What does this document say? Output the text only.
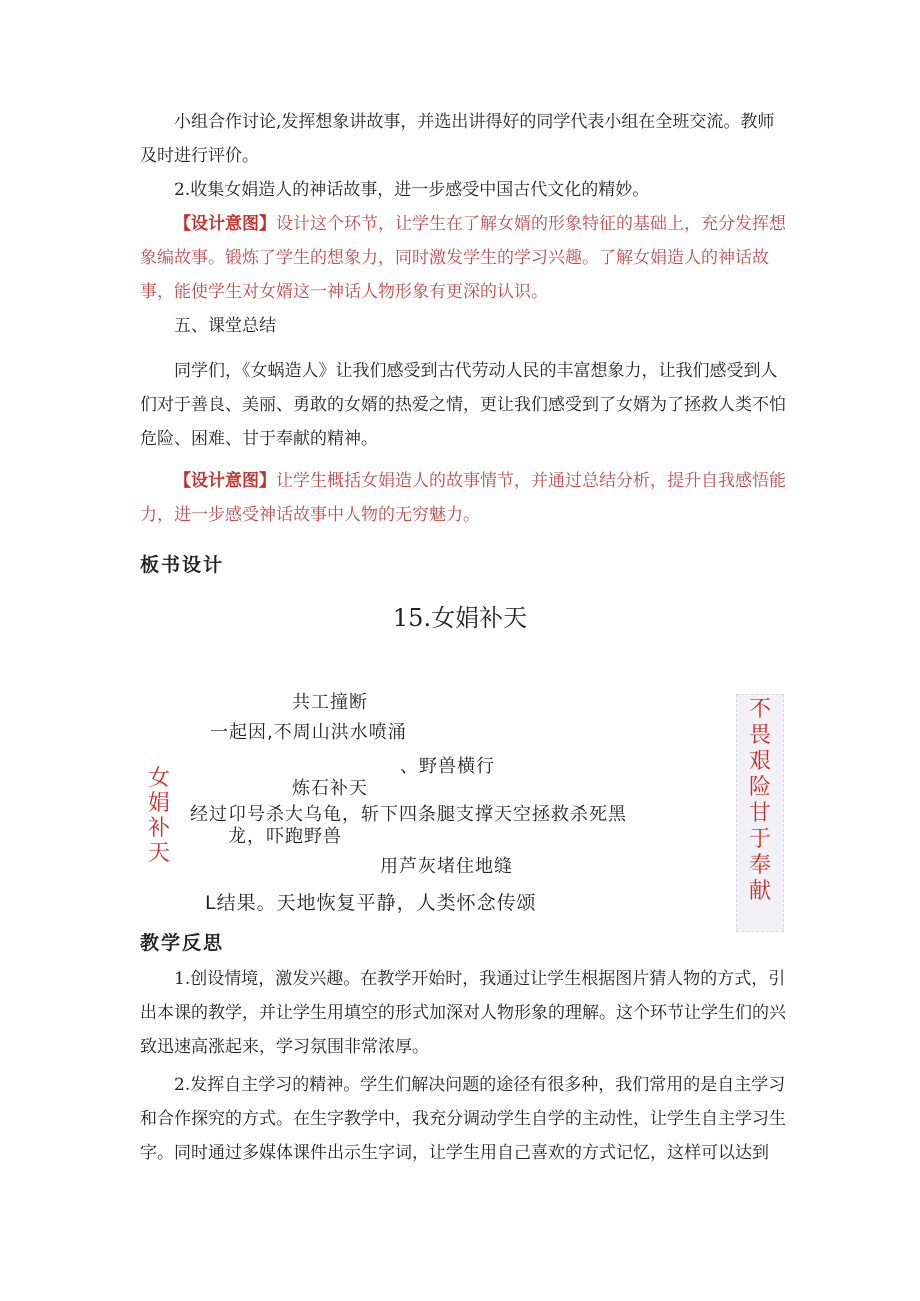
小组合作讨论,发挥想象讲故事，并选出讲得好的同学代表小组在全班交流。教师及时进行评价。

2.收集女娟造人的神话故事，进一步感受中国古代文化的精妙。

【设计意图】设计这个环节，让学生在了解女婿的形象特征的基础上，充分发挥想象编故事。锻炼了学生的想象力，同时激发学生的学习兴趣。了解女娟造人的神话故事，能使学生对女婿这一神话人物形象有更深的认识。

五、课堂总结

同学们，《女蜗造人》让我们感受到古代劳动人民的丰富想象力，让我们感受到人们对于善良、美丽、勇敢的女婿的热爱之情，更让我们感受到了女婿为了拯救人类不怕危险、困难、甘于奉献的精神。

【设计意图】让学生概括女娟造人的故事情节，并通过总结分析，提升自我感悟能力，进一步感受神话故事中人物的无穷魅力。

板书设计
15.女娟补天
女
娟
补
天
共工撞断
一起因,不周山洪水喷涌
、野兽横行
炼石补天
经过卬号杀大乌龟，斩下四条腿支撑天空拯救杀死黑
龙，吓跑野兽
用芦灰堵住地缝
L结果。天地恢复平静，人类怀念传颂
不
畏
艰
险
甘
于
奉
献
教学反思

1.创设情境，激发兴趣。在教学开始时，我通过让学生根据图片猜人物的方式，引出本课的教学，并让学生用填空的形式加深对人物形象的理解。这个环节让学生们的兴致迅速高涨起来，学习氛围非常浓厚。

2.发挥自主学习的精神。学生们解决问题的途径有很多种，我们常用的是自主学习和合作探究的方式。在生字教学中，我充分调动学生自学的主动性，让学生自主学习生字。同时通过多媒体课件出示生字词，让学生用自己喜欢的方式记忆，这样可以达到
